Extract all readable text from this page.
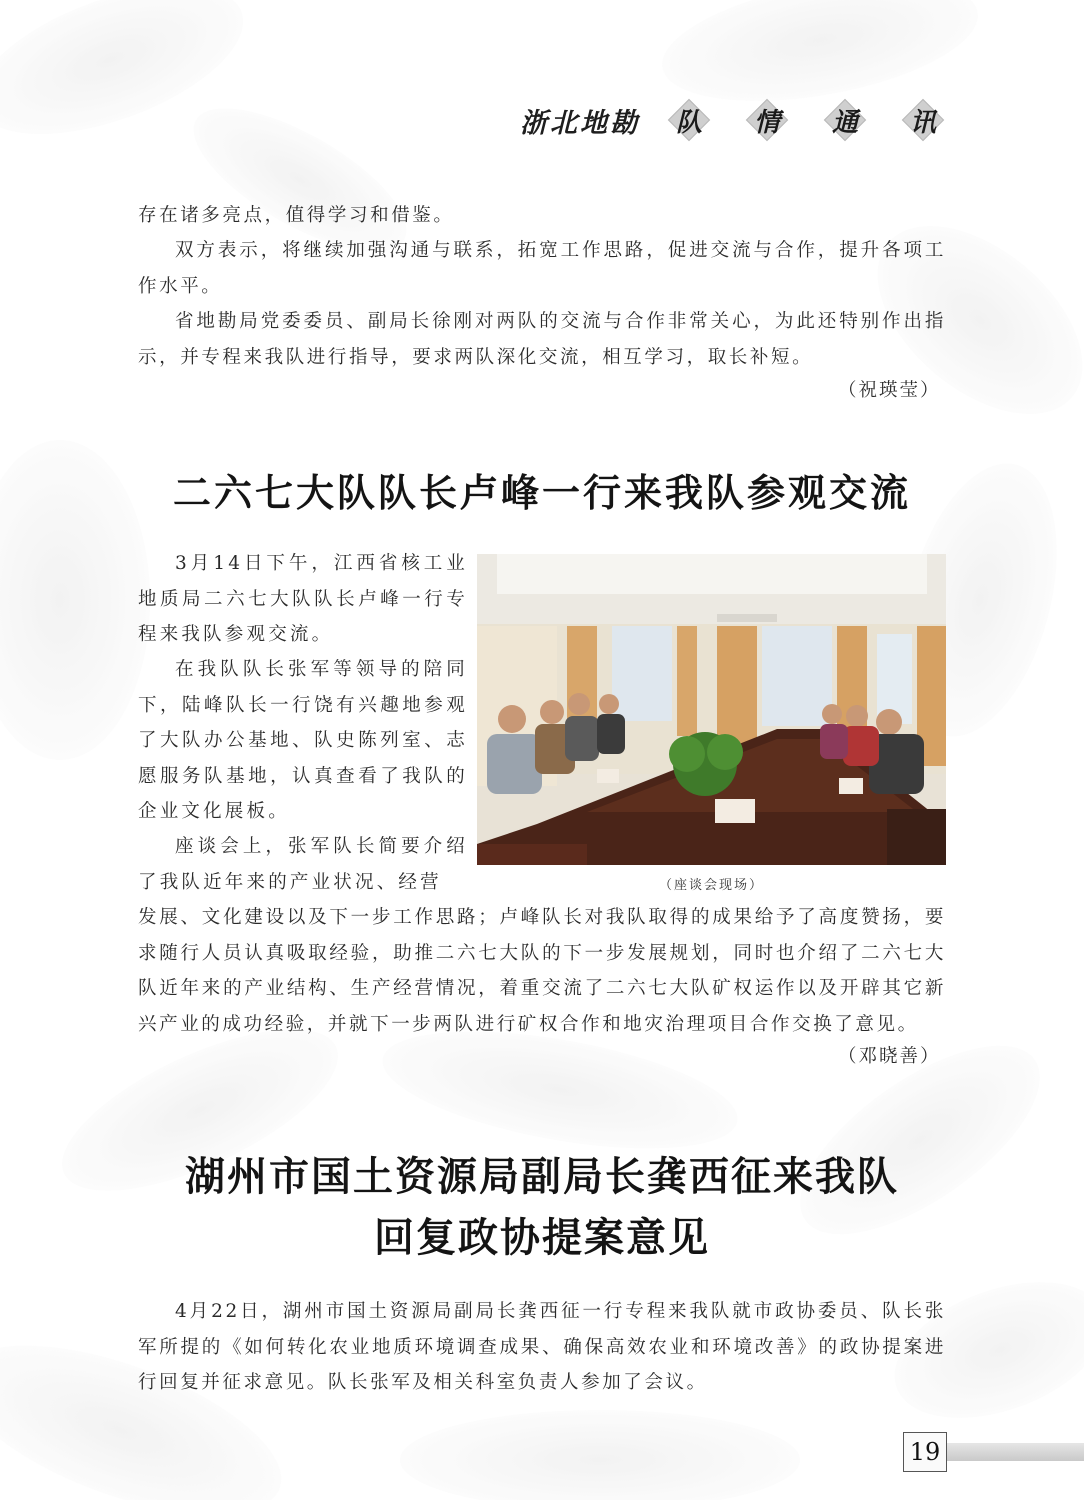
浙北地勘 队 情 通 讯

存在诸多亮点，值得学习和借鉴。

双方表示，将继续加强沟通与联系，拓宽工作思路，促进交流与合作，提升各项工作水平。

省地勘局党委委员、副局长徐刚对两队的交流与合作非常关心，为此还特别作出指示，并专程来我队进行指导，要求两队深化交流，相互学习，取长补短。

（祝瑛莹）
二六七大队队长卢峰一行来我队参观交流

3月14日下午，江西省核工业地质局二六七大队队长卢峰一行专程来我队参观交流。

在我队队长张军等领导的陪同下，陆峰队长一行饶有兴趣地参观了大队办公基地、队史陈列室、志愿服务队基地，认真查看了我队的企业文化展板。

座谈会上，张军队长简要介绍了我队近年来的产业状况、经营

发展、文化建设以及下一步工作思路；卢峰队长对我队取得的成果给予了高度赞扬，要求随行人员认真吸取经验，助推二六七大队的下一步发展规划，同时也介绍了二六七大队近年来的产业结构、生产经营情况，着重交流了二六七大队矿权运作以及开辟其它新兴产业的成功经验，并就下一步两队进行矿权合作和地灾治理项目合作交换了意见。

（邓晓善）
（座谈会现场）
湖州市国土资源局副局长龚西征来我队
回复政协提案意见

4月22日，湖州市国土资源局副局长龚西征一行专程来我队就市政协委员、队长张军所提的《如何转化农业地质环境调查成果、确保高效农业和环境改善》的政协提案进行回复并征求意见。队长张军及相关科室负责人参加了会议。

19
